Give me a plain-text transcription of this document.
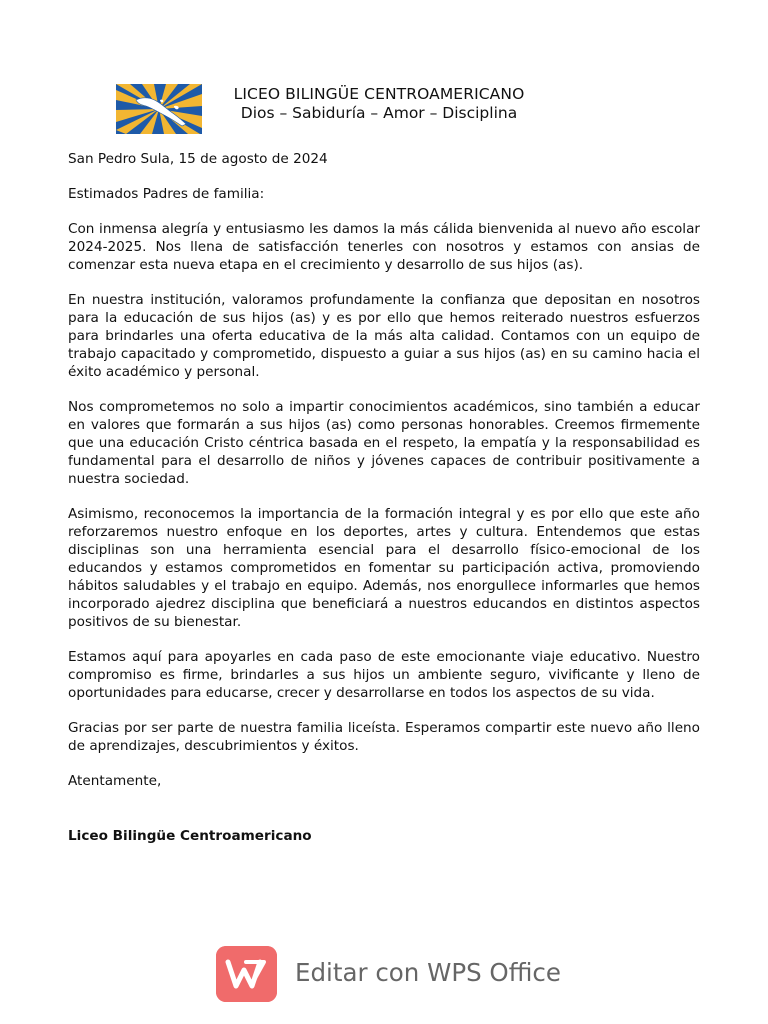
LICEO BILINGÜE CENTROAMERICANO
Dios – Sabiduría – Amor – Disciplina

San Pedro Sula, 15 de agosto de 2024

Estimados Padres de familia:

Con inmensa alegría y entusiasmo les damos la más cálida bienvenida al nuevo año escolar 2024-2025. Nos llena de satisfacción tenerles con nosotros y estamos con ansias de comenzar esta nueva etapa en el crecimiento y desarrollo de sus hijos (as).

En nuestra institución, valoramos profundamente la confianza que depositan en nosotros para la educación de sus hijos (as) y es por ello que hemos reiterado nuestros esfuerzos para brindarles una oferta educativa de la más alta calidad. Contamos con un equipo de trabajo capacitado y comprometido, dispuesto a guiar a sus hijos (as) en su camino hacia el éxito académico y personal.

Nos comprometemos no solo a impartir conocimientos académicos, sino también a educar en valores que formarán a sus hijos (as) como personas honorables. Creemos firmemente que una educación Cristo céntrica basada en el respeto, la empatía y la responsabilidad es fundamental para el desarrollo de niños y jóvenes capaces de contribuir positivamente a nuestra sociedad.

Asimismo, reconocemos la importancia de la formación integral y es por ello que este año reforzaremos nuestro enfoque en los deportes, artes y cultura. Entendemos que estas disciplinas son una herramienta esencial para el desarrollo físico-emocional de los educandos y estamos comprometidos en fomentar su participación activa, promoviendo hábitos saludables y el trabajo en equipo. Además, nos enorgullece informarles que hemos incorporado ajedrez disciplina que beneficiará a nuestros educandos en distintos aspectos positivos de su bienestar.

Estamos aquí para apoyarles en cada paso de este emocionante viaje educativo. Nuestro compromiso es firme, brindarles a sus hijos un ambiente seguro, vivificante y lleno de oportunidades para educarse, crecer y desarrollarse en todos los aspectos de su vida.

Gracias por ser parte de nuestra familia liceísta. Esperamos compartir este nuevo año lleno de aprendizajes, descubrimientos y éxitos.

Atentamente,

Liceo Bilingüe Centroamericano

Editar con WPS Office
